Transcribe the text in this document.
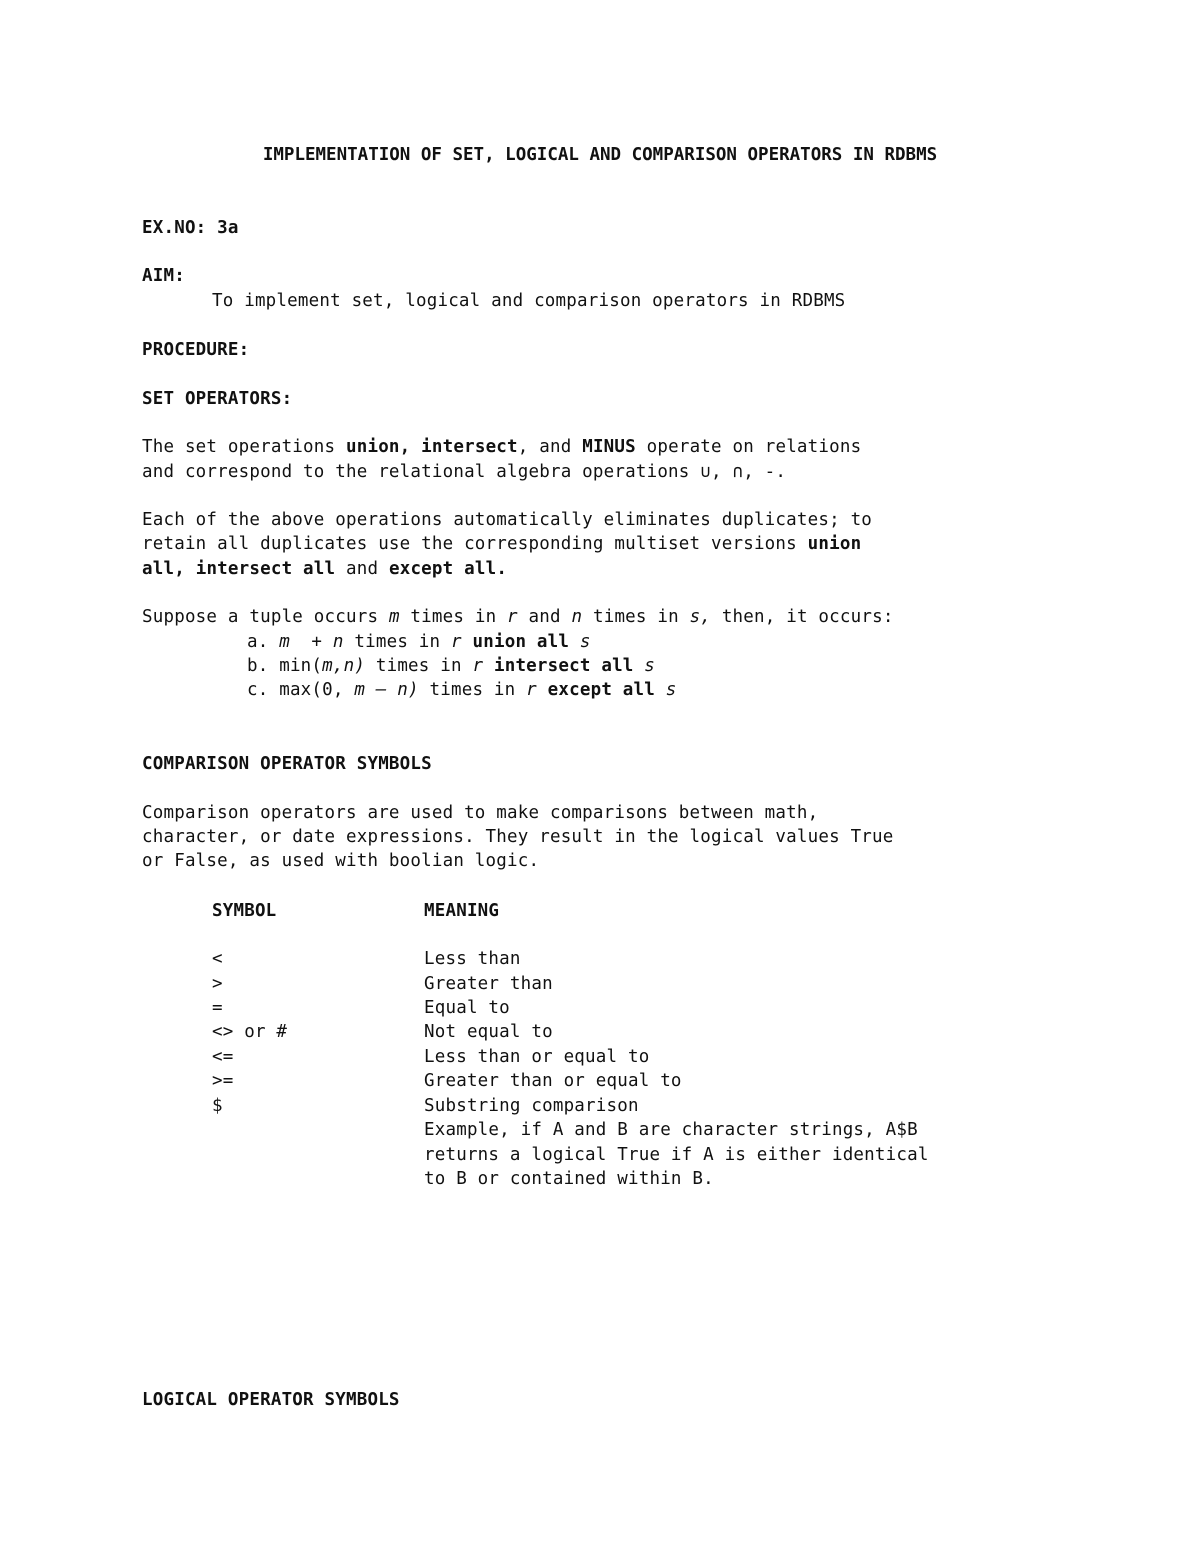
IMPLEMENTATION OF SET, LOGICAL AND COMPARISON OPERATORS IN RDBMS
EX.NO: 3a
AIM:
To implement set, logical and comparison operators in RDBMS
PROCEDURE:
SET OPERATORS:
The set operations union, intersect, and MINUS operate on relations
and correspond to the relational algebra operations ∪, ∩, -.
Each of the above operations automatically eliminates duplicates; to
retain all duplicates use the corresponding multiset versions union
all, intersect all and except all.
Suppose a tuple occurs m times in r and n times in s, then, it occurs:
a. m  + n times in r union all s
b. min(m,n) times in r intersect all s
c. max(0, m – n) times in r except all s
COMPARISON OPERATOR SYMBOLS
Comparison operators are used to make comparisons between math,
character, or date expressions. They result in the logical values True
or False, as used with boolian logic.
SYMBOL	MEANING
<	Less than
>	Greater than
=	Equal to
<> or #	Not equal to
<=	Less than or equal to
>=	Greater than or equal to
$	Substring comparison
Example, if A and B are character strings, A$B
returns a logical True if A is either identical
to B or contained within B.
LOGICAL OPERATOR SYMBOLS
